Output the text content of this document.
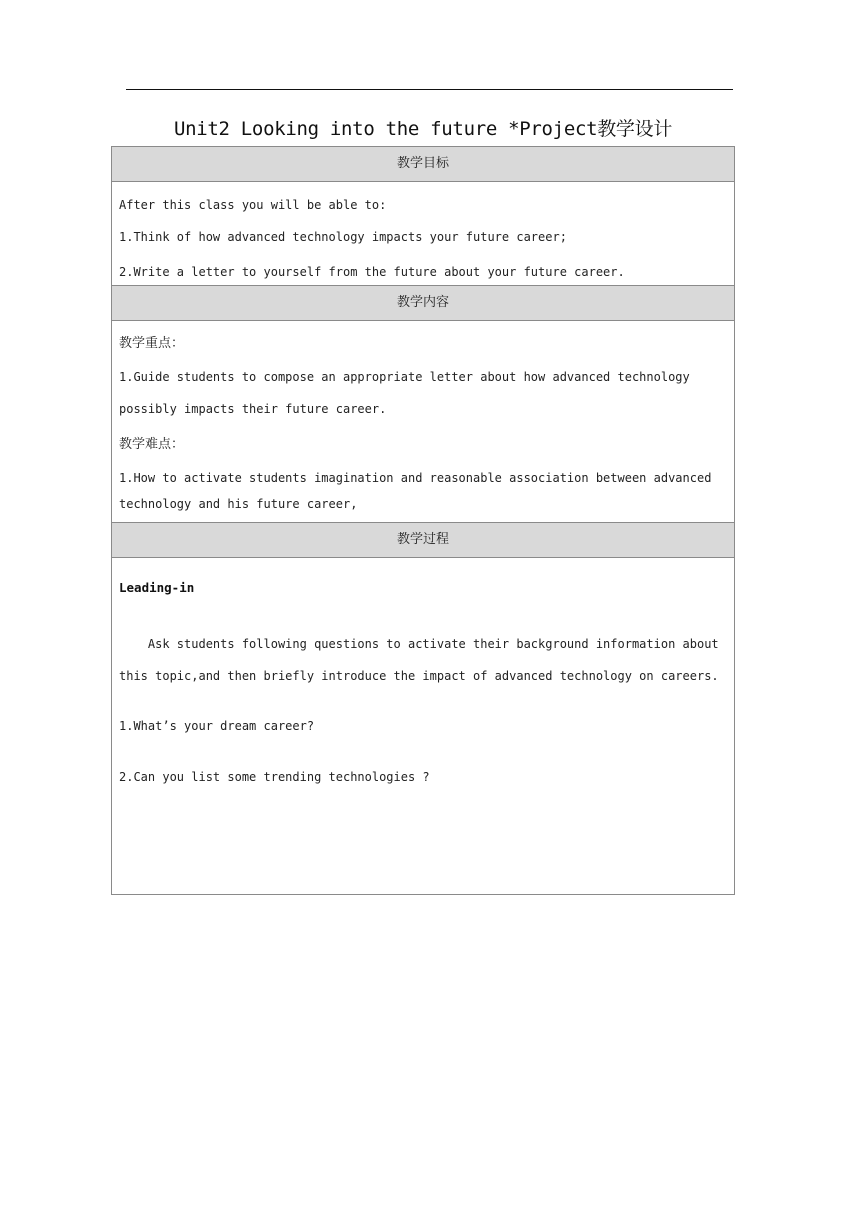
Unit2 Looking into the future *Project教学设计
教学目标
After this class you will be able to:
1.Think of how advanced technology impacts your future career;
2.Write a letter to yourself from the future about your future career.
教学内容
教学重点：
1.Guide students to compose an appropriate letter about how advanced technology
possibly impacts their future career.
教学难点：
1.How to activate students imagination and reasonable association between advanced
technology and his future career,
教学过程
Leading-in
Ask students following questions to activate their background information about
this topic,and then briefly introduce the impact of advanced technology on careers.
1.What’s your dream career?
2.Can you list some trending technologies ?
